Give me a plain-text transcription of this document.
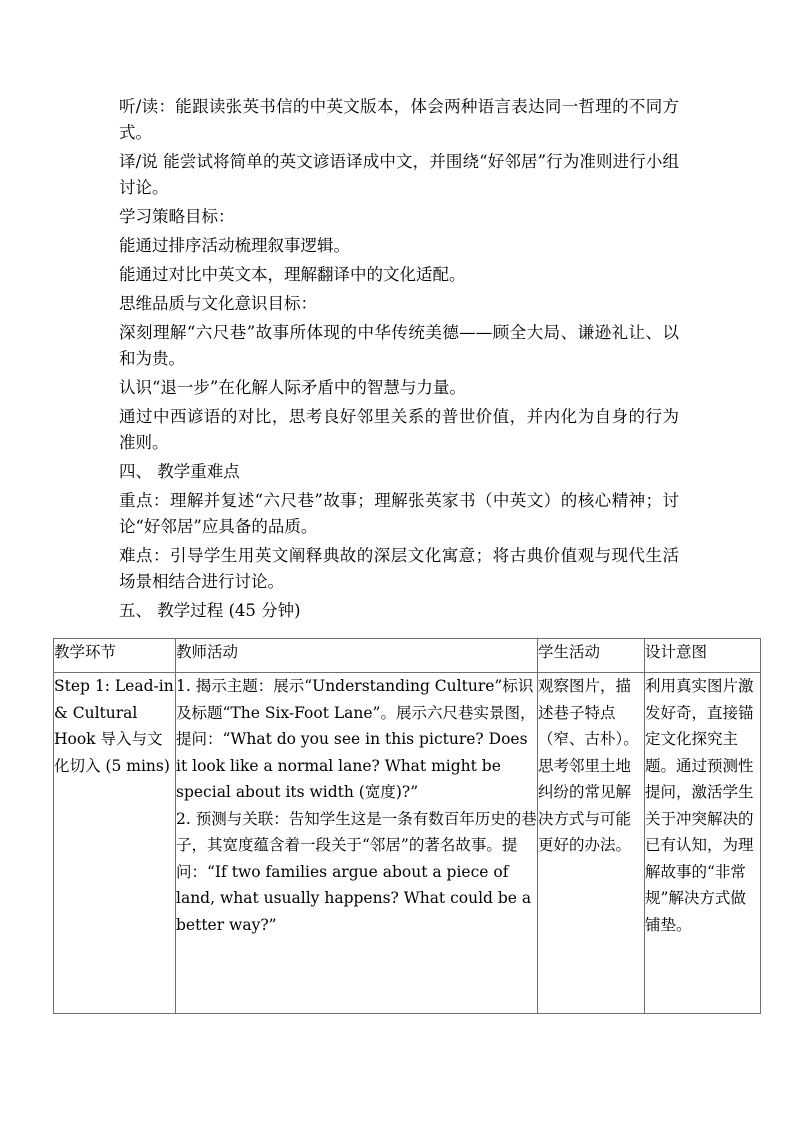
听/读：能跟读张英书信的中英文版本，体会两种语言表达同一哲理的不同方式。

译/说 能尝试将简单的英文谚语译成中文，并围绕“好邻居”行为准则进行小组讨论。

学习策略目标：

能通过排序活动梳理叙事逻辑。

能通过对比中英文本，理解翻译中的文化适配。

思维品质与文化意识目标：

深刻理解“六尺巷”故事所体现的中华传统美德——顾全大局、谦逊礼让、以和为贵。

认识“退一步”在化解人际矛盾中的智慧与力量。

通过中西谚语的对比，思考良好邻里关系的普世价值，并内化为自身的行为准则。

四、 教学重难点

重点：理解并复述“六尺巷”故事；理解张英家书（中英文）的核心精神；讨论“好邻居”应具备的品质。

难点：引导学生用英文阐释典故的深层文化寓意；将古典价值观与现代生活场景相结合进行讨论。

五、 教学过程 (45 分钟)

教学环节	教师活动	学生活动	设计意图
Step 1: Lead-in & Cultural Hook 导入与文化切入 (5 mins)	1. 揭示主题：展示“Understanding Culture”标识及标题“The Six-Foot Lane”。展示六尺巷实景图，提问：“What do you see in this picture? Does it look like a normal lane? What might be special about its width (宽度)?”

2. 预测与关联：告知学生这是一条有数百年历史的巷子，其宽度蕴含着一段关于“邻居”的著名故事。提问：“If two families argue about a piece of land, what usually happens? What could be a better way?”	观察图片，描述巷子特点（窄、古朴）。思考邻里土地纠纷的常见解决方式与可能更好的办法。	利用真实图片激发好奇，直接锚定文化探究主题。通过预测性提问，激活学生关于冲突解决的已有认知，为理解故事的“非常规”解决方式做铺垫。
